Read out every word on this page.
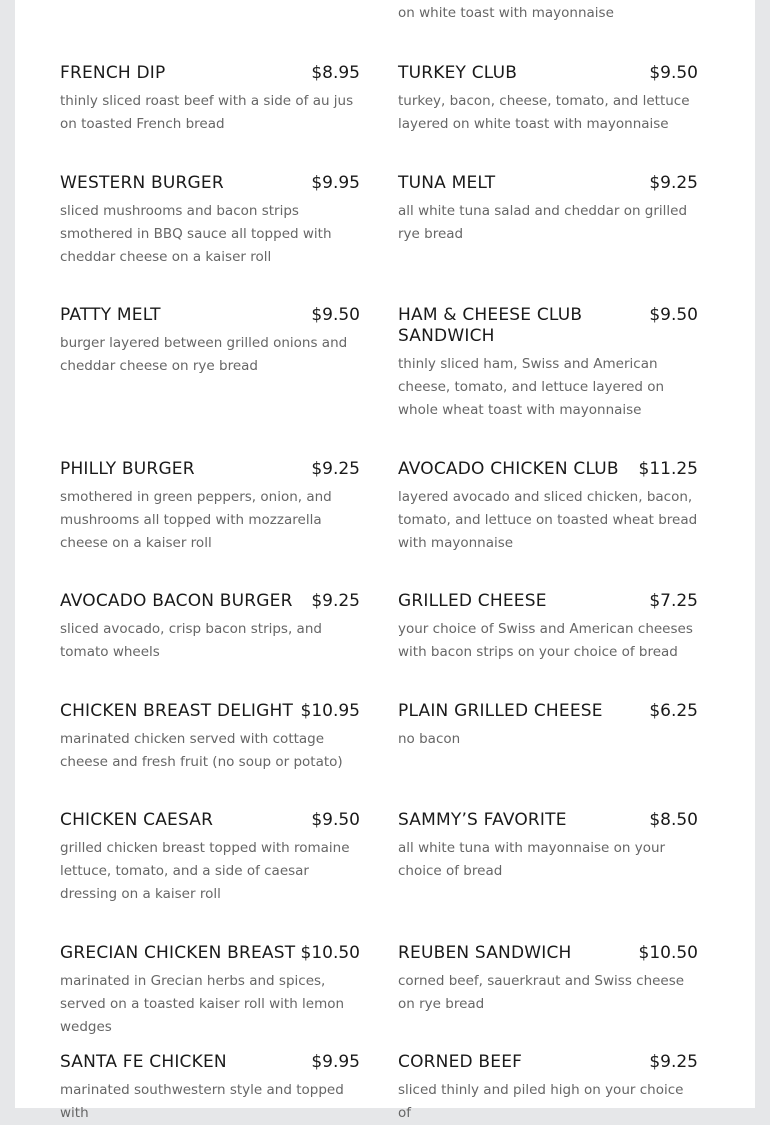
on white toast with mayonnaise
FRENCH DIP	$8.95
thinly sliced roast beef with a side of au jus on toasted French bread
WESTERN BURGER	$9.95
sliced mushrooms and bacon strips smothered in BBQ sauce all topped with cheddar cheese on a kaiser roll
PATTY MELT	$9.50
burger layered between grilled onions and cheddar cheese on rye bread
PHILLY BURGER	$9.25
smothered in green peppers, onion, and mushrooms all topped with mozzarella cheese on a kaiser roll
AVOCADO BACON BURGER	$9.25
sliced avocado, crisp bacon strips, and tomato wheels
CHICKEN BREAST DELIGHT $10.95
marinated chicken served with cottage cheese and fresh fruit (no soup or potato)
CHICKEN CAESAR	$9.50
grilled chicken breast topped with romaine lettuce, tomato, and a side of caesar dressing on a kaiser roll
GRECIAN CHICKEN BREAST $10.50
marinated in Grecian herbs and spices, served on a toasted kaiser roll with lemon wedges
SANTA FE CHICKEN	$9.95
marinated southwestern style and topped with
TURKEY CLUB	$9.50
turkey, bacon, cheese, tomato, and lettuce layered on white toast with mayonnaise
TUNA MELT	$9.25
all white tuna salad and cheddar on grilled rye bread
HAM & CHEESE CLUB SANDWICH
$9.50
thinly sliced ham, Swiss and American cheese, tomato, and lettuce layered on whole wheat toast with mayonnaise
AVOCADO CHICKEN CLUB	$11.25
layered avocado and sliced chicken, bacon, tomato, and lettuce on toasted wheat bread with mayonnaise
GRILLED CHEESE	$7.25
your choice of Swiss and American cheeses with bacon strips on your choice of bread
PLAIN GRILLED CHEESE	$6.25
no bacon
SAMMY’S FAVORITE	$8.50
all white tuna with mayonnaise on your choice of bread
REUBEN SANDWICH	$10.50
corned beef, sauerkraut and Swiss cheese on rye bread
CORNED BEEF	$9.25
sliced thinly and piled high on your choice of
